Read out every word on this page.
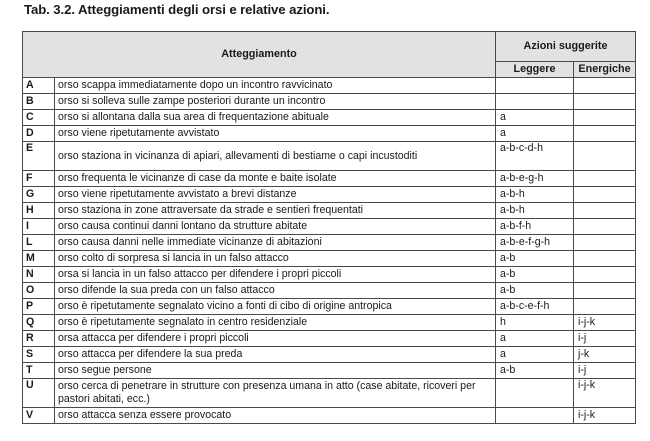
Tab. 3.2. Atteggiamenti degli orsi e relative azioni.
Atteggiamento		Azioni suggerite	
		Leggere	Energiche
A	orso scappa immediatamente dopo un incontro ravvicinato		
B	orso si solleva sulle zampe posteriori durante un incontro		
C	orso si allontana dalla sua area di frequentazione abituale	a	
D	orso viene ripetutamente avvistato	a	
E	orso staziona in vicinanza di apiari, allevamenti di bestiame o capi incustoditi	a-b-c-d-h	
F	orso frequenta le vicinanze di case da monte e baite isolate	a-b-e-g-h	
G	orso viene ripetutamente avvistato a brevi distanze	a-b-h	
H	orso staziona in zone attraversate da strade e sentieri frequentati	a-b-h	
I	orso causa continui danni lontano da strutture abitate	a-b-f-h	
L	orso causa danni nelle immediate vicinanze di abitazioni	a-b-e-f-g-h	
M	orso colto di sorpresa si lancia in un falso attacco	a-b	
N	orsa si lancia in un falso attacco per difendere i propri piccoli	a-b	
O	orso difende la sua preda con un falso attacco	a-b	
P	orso è ripetutamente segnalato vicino a fonti di cibo di origine antropica	a-b-c-e-f-h	
Q	orso è ripetutamente segnalato in centro residenziale	h	i-j-k
R	orsa attacca per difendere i propri piccoli	a	i-j
S	orso attacca per difendere la sua preda	a	j-k
T	orso segue persone	a-b	i-j
U	orso cerca di penetrare in strutture con presenza umana in atto (case abitate, ricoveri per pastori abitati, ecc.)		i-j-k
V	orso attacca senza essere provocato		i-j-k
